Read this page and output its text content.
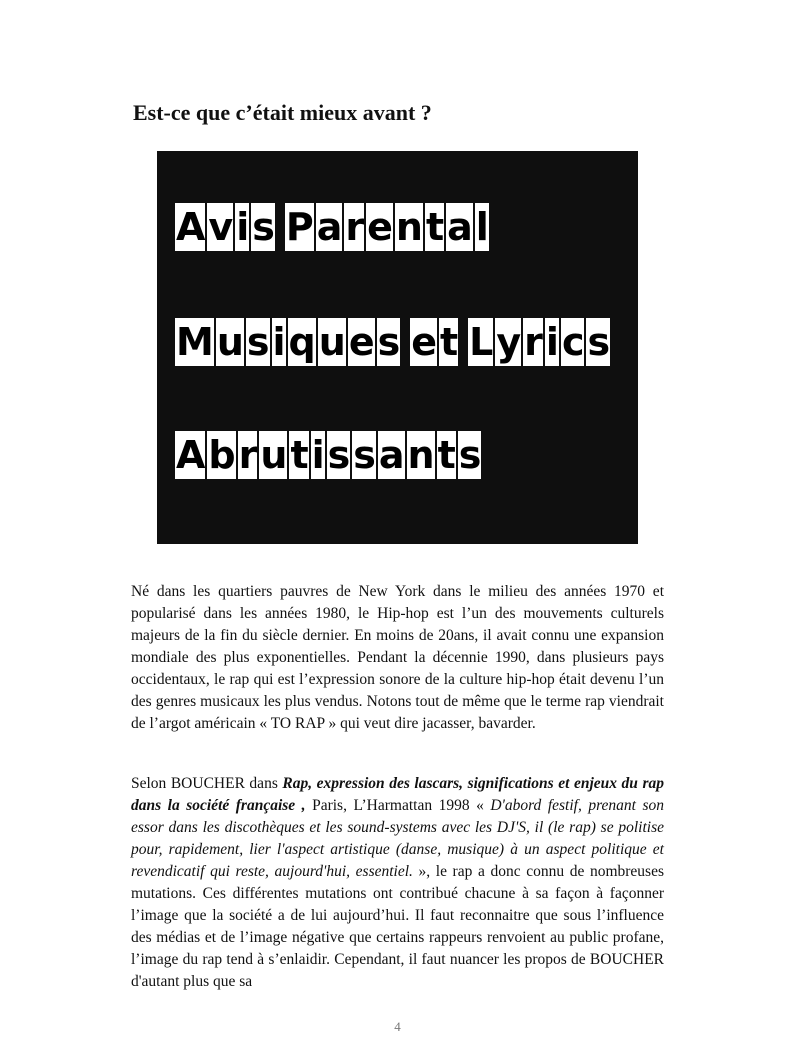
Est-ce que c’était mieux avant ?
A v i s P a r e n t a l
M u s i q u e s e t L y r i c s
A b r u t i s s a n t s

Né dans les quartiers pauvres de New York dans le milieu des années 1970 et popularisé dans les années 1980, le Hip-hop est l’un des mouvements culturels majeurs de la fin du siècle dernier. En moins de 20ans, il avait connu une expansion mondiale des plus exponentielles. Pendant la décennie 1990, dans plusieurs pays occidentaux, le rap qui est l’expression sonore de la culture hip-hop était devenu l’un des genres musicaux les plus vendus. Notons tout de même que le terme rap viendrait de l’argot américain « TO RAP » qui veut dire jacasser, bavarder.

Selon BOUCHER dans Rap, expression des lascars, significations et enjeux du rap dans la société française , Paris, L’Harmattan 1998 « D'abord festif, prenant son essor dans les discothèques et les sound-systems avec les DJ'S, il (le rap) se politise pour, rapidement, lier l'aspect artistique (danse, musique) à un aspect politique et revendicatif qui reste, aujourd'hui, essentiel. », le rap a donc connu de nombreuses mutations. Ces différentes mutations ont contribué chacune à sa façon à façonner l’image que la société a de lui aujourd’hui. Il faut reconnaitre que sous l’influence des médias et de l’image négative que certains rappeurs renvoient au public profane, l’image du rap tend à s’enlaidir. Cependant, il faut nuancer les propos de BOUCHER d'autant plus que sa

4
